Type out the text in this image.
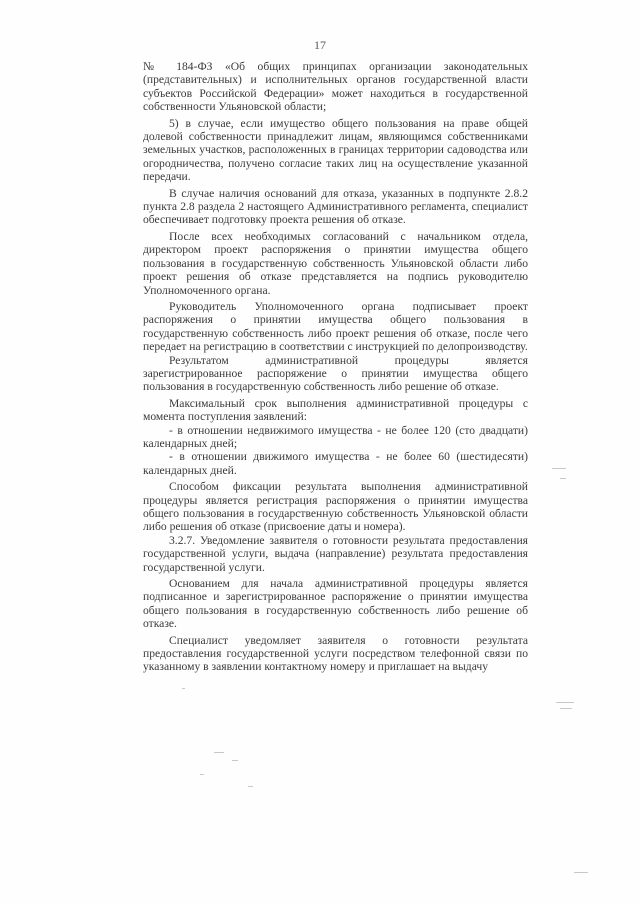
17

№ 184-ФЗ «Об общих принципах организации законодательных (представительных) и исполнительных органов государственной власти субъектов Российской Федерации» может находиться в государственной собственности Ульяновской области;

5) в случае, если имущество общего пользования на праве общей долевой собственности принадлежит лицам, являющимся собственниками земельных участков, расположенных в границах территории садоводства или огородничества, получено согласие таких лиц на осуществление указанной передачи.

В случае наличия оснований для отказа, указанных в подпункте 2.8.2 пункта 2.8 раздела 2 настоящего Административного регламента, специалист обеспечивает подготовку проекта решения об отказе.

После всех необходимых согласований с начальником отдела, директором проект распоряжения о принятии имущества общего пользования в государственную собственность Ульяновской области либо проект решения об отказе представляется на подпись руководителю Уполномоченного органа.

Руководитель Уполномоченного органа подписывает проект распоряжения о принятии имущества общего пользования в государственную собственность либо проект решения об отказе, после чего передает на регистрацию в соответствии с инструкцией по делопроизводству.

Результатом административной процедуры является зарегистрированное распоряжение о принятии имущества общего пользования в государственную собственность либо решение об отказе.

Максимальный срок выполнения административной процедуры с момента поступления заявлений:

- в отношении недвижимого имущества - не более 120 (сто двадцати) календарных дней;

- в отношении движимого имущества - не более 60 (шестидесяти) календарных дней.

Способом фиксации результата выполнения административной процедуры является регистрация распоряжения о принятии имущества общего пользования в государственную собственность Ульяновской области либо решения об отказе (присвоение даты и номера).

3.2.7. Уведомление заявителя о готовности результата предоставления государственной услуги, выдача (направление) результата предоставления государственной услуги.

Основанием для начала административной процедуры является подписанное и зарегистрированное распоряжение о принятии имущества общего пользования в государственную собственность либо решение об отказе.

Специалист уведомляет заявителя о готовности результата предоставления государственной услуги посредством телефонной связи по указанному в заявлении контактному номеру и приглашает на выдачу
